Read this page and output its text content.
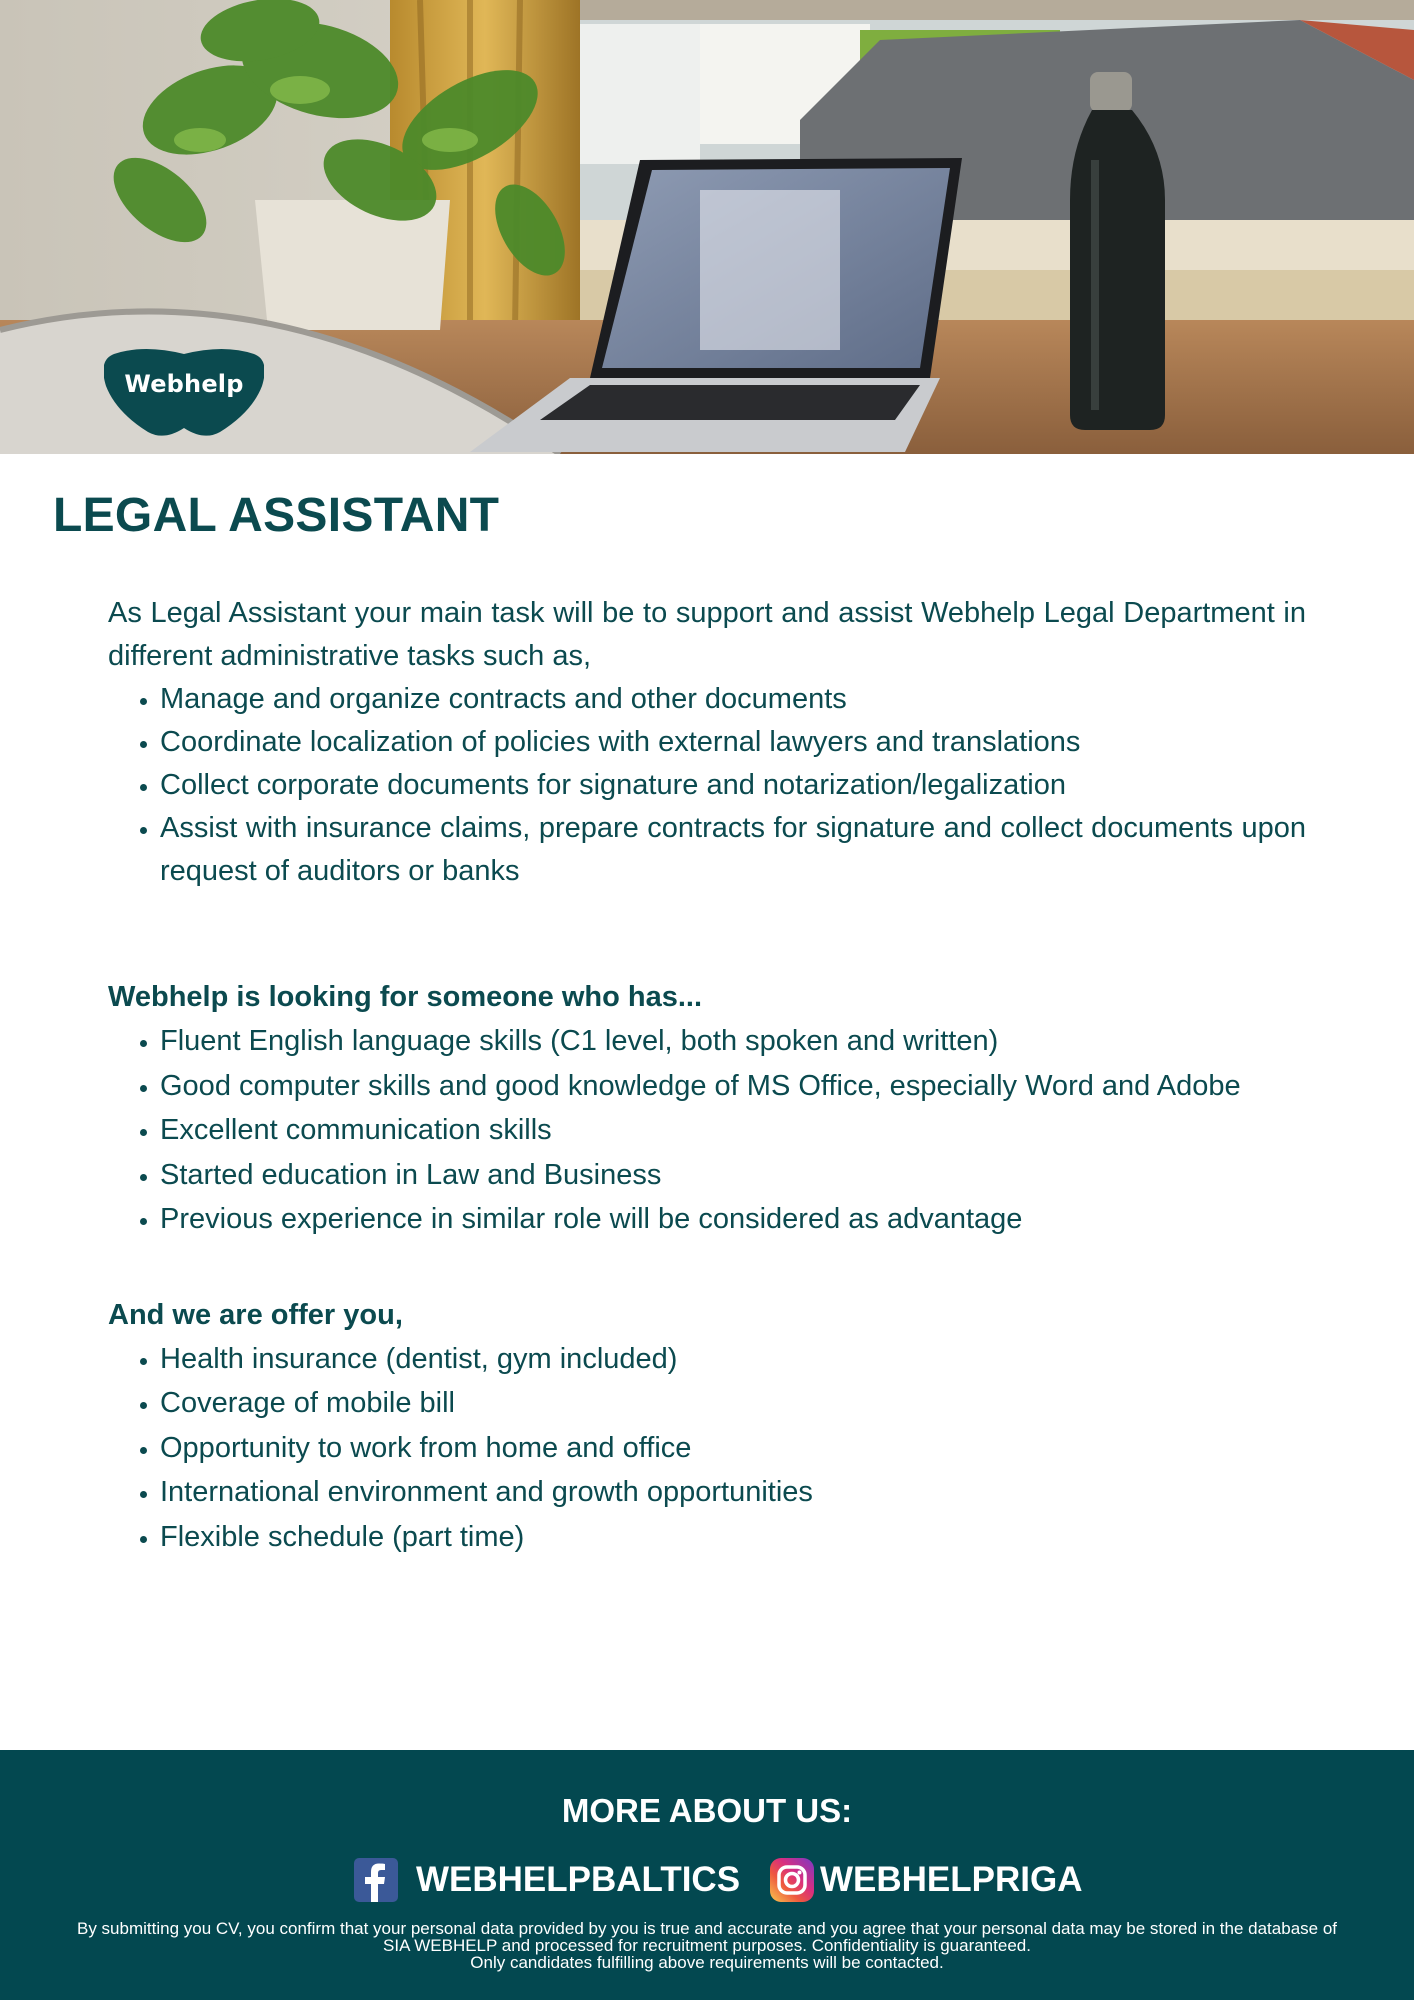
Webhelp
LEGAL ASSISTANT

As Legal Assistant your main task will be to support and assist Webhelp Legal Department in different administrative tasks such as,

• Manage and organize contracts and other documents
• Coordinate localization of policies with external lawyers and translations
• Collect corporate documents for signature and notarization/legalization
• Assist with insurance claims, prepare contracts for signature and collect documents upon request of auditors or banks

Webhelp is looking for someone who has...

• Fluent English language skills (C1 level, both spoken and written)
• Good computer skills and good knowledge of MS Office, especially Word and Adobe
• Excellent communication skills
• Started education in Law and Business
• Previous experience in similar role will be considered as advantage

And we are offer you,

• Health insurance (dentist, gym included)
• Coverage of mobile bill
• Opportunity to work from home and office
• International environment and growth opportunities
• Flexible schedule (part time)
MORE ABOUT US:
WEBHELPBALTICS WEBHELPRIGA
By submitting you CV, you confirm that your personal data provided by you is true and accurate and you agree that your personal data may be stored in the database of
SIA WEBHELP and processed for recruitment purposes. Confidentiality is guaranteed.
Only candidates fulfilling above requirements will be contacted.
